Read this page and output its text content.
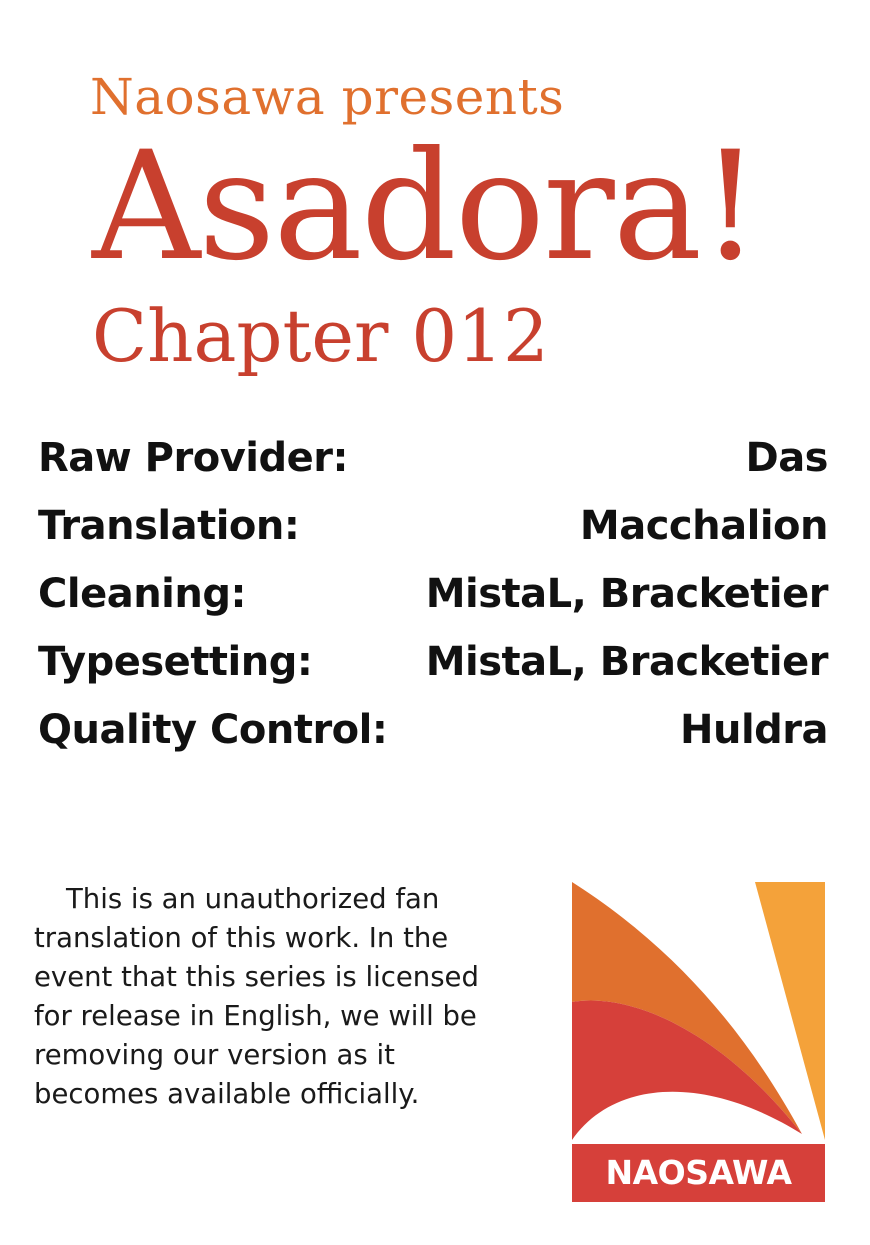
Naosawa presents
Asadora!
Chapter 012
Raw Provider:	Das
Translation:	Macchalion
Cleaning:	MistaL, Bracketier
Typesetting:	MistaL, Bracketier
Quality Control:	Huldra
This is an unauthorized fan
translation of this work. In the
event that this series is licensed
for release in English, we will be
removing our version as it
becomes available officially.
NAOSAWA
